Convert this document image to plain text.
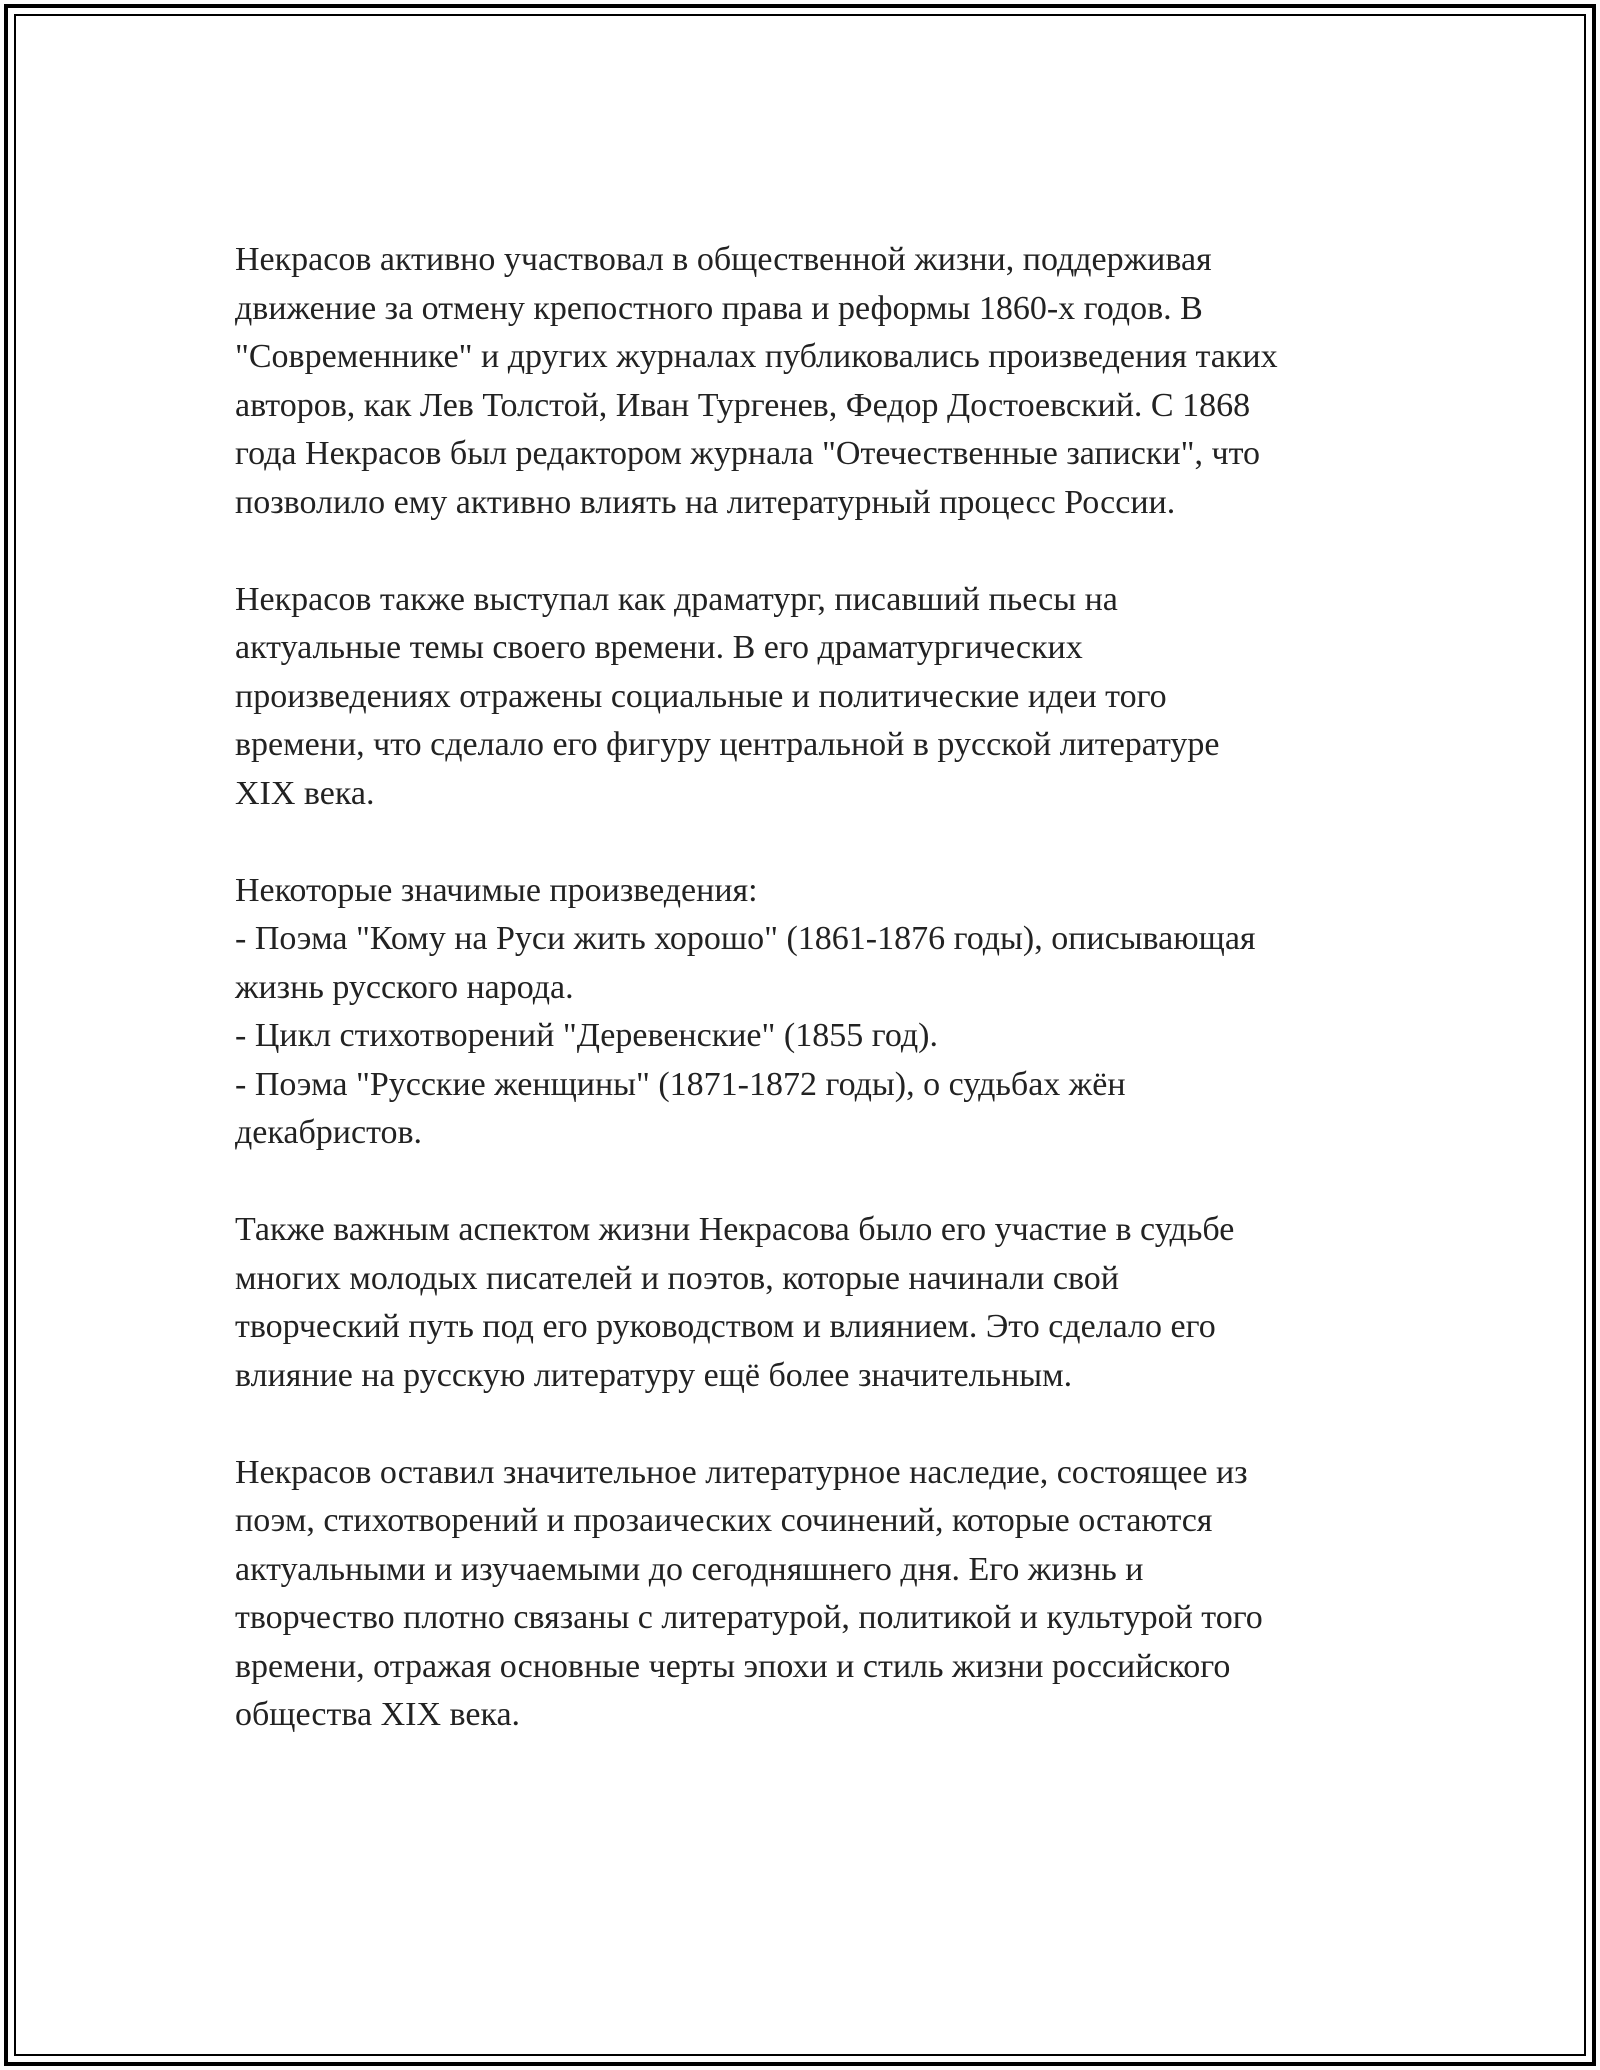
Некрасов активно участвовал в общественной жизни, поддерживая
движение за отмену крепостного права и реформы 1860-х годов. В
"Современнике" и других журналах публиковались произведения таких
авторов, как Лев Толстой, Иван Тургенев, Федор Достоевский. С 1868
года Некрасов был редактором журнала "Отечественные записки", что
позволило ему активно влиять на литературный процесс России.
Некрасов также выступал как драматург, писавший пьесы на
актуальные темы своего времени. В его драматургических
произведениях отражены социальные и политические идеи того
времени, что сделало его фигуру центральной в русской литературе
XIX века.
Некоторые значимые произведения:
- Поэма "Кому на Руси жить хорошо" (1861-1876 годы), описывающая
жизнь русского народа.
- Цикл стихотворений "Деревенские" (1855 год).
- Поэма "Русские женщины" (1871-1872 годы), о судьбах жён
декабристов.
Также важным аспектом жизни Некрасова было его участие в судьбе
многих молодых писателей и поэтов, которые начинали свой
творческий путь под его руководством и влиянием. Это сделало его
влияние на русскую литературу ещё более значительным.
Некрасов оставил значительное литературное наследие, состоящее из
поэм, стихотворений и прозаических сочинений, которые остаются
актуальными и изучаемыми до сегодняшнего дня. Его жизнь и
творчество плотно связаны с литературой, политикой и культурой того
времени, отражая основные черты эпохи и стиль жизни российского
общества XIX века.
